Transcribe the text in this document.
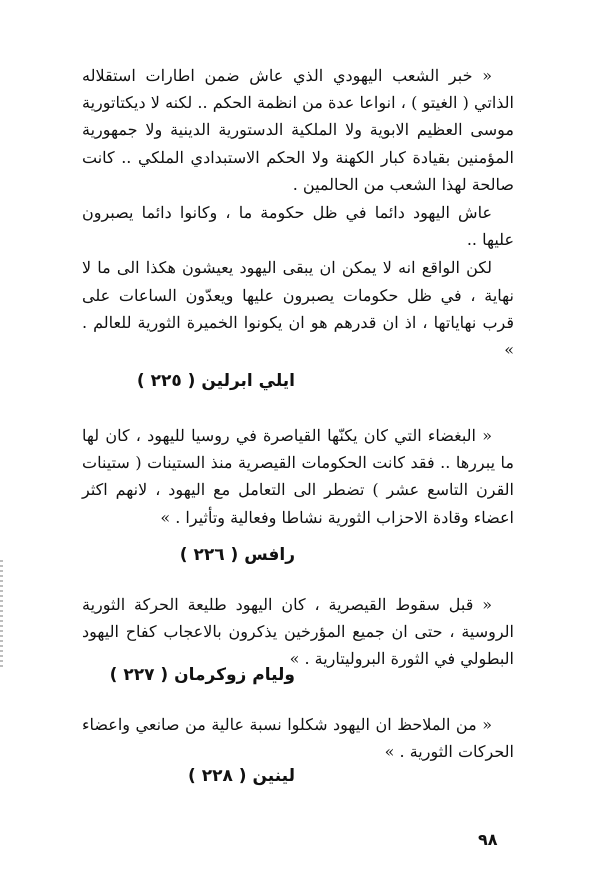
« خبر الشعب اليهودي الذي عاش ضمن اطارات استقلاله الذاتي ( الغيتو ) ، انواعا عدة من انظمة الحكم .. لكنه لا ديكتاتورية موسى العظيم الابوية ولا الملكية الدستورية الدينية ولا جمهورية المؤمنين بقيادة كبار الكهنة ولا الحكم الاستبدادي الملكي .. كانت صالحة لهذا الشعب من الحالمين .

عاش اليهود دائما في ظل حكومة ما ، وكانوا دائما يصبرون عليها ..

لكن الواقع انه لا يمكن ان يبقى اليهود يعيشون هكذا الى ما لا نهاية ، في ظل حكومات يصبرون عليها ويعدّون الساعات على قرب نهاياتها ، اذ ان قدرهم هو ان يكونوا الخميرة الثورية للعالم . »

ايلي ابرلين ( ٢٢٥ )

« البغضاء التي كان يكنّها القياصرة في روسيا لليهود ، كان لها ما يبررها .. فقد كانت الحكومات القيصرية منذ الستينات ( ستينات القرن التاسع عشر ) تضطر الى التعامل مع اليهود ، لانهم اكثر اعضاء وقادة الاحزاب الثورية نشاطا وفعالية وتأثيرا . »

رافس ( ٢٢٦ )

« قبل سقوط القيصرية ، كان اليهود طليعة الحركة الثورية الروسية ، حتى ان جميع المؤرخين يذكرون بالاعجاب كفاح اليهود البطولي في الثورة البروليتارية . »

وليام زوكرمان ( ٢٢٧ )

« من الملاحظ ان اليهود شكلوا نسبة عالية من صانعي واعضاء الحركات الثورية . »

لينين ( ٢٢٨ )
٩٨
